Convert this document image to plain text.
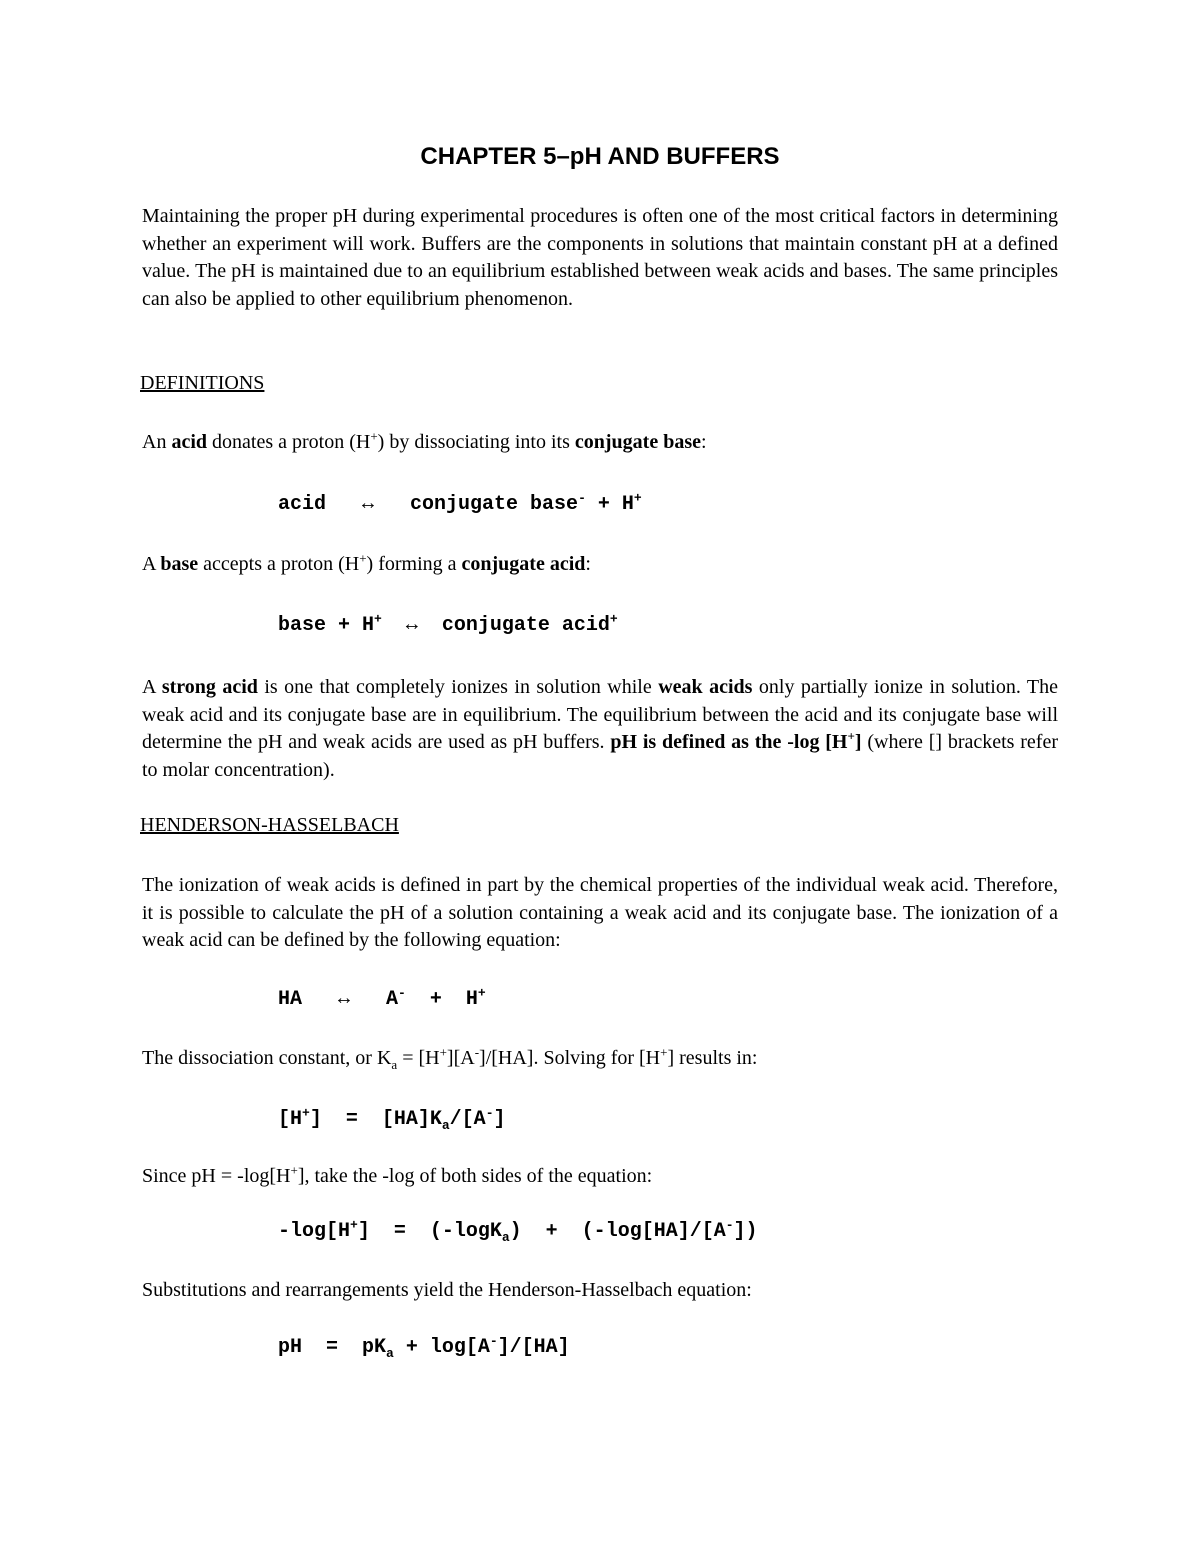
CHAPTER 5–pH AND BUFFERS
Maintaining the proper pH during experimental procedures is often one of the most critical factors in determining whether an experiment will work. Buffers are the components in solutions that maintain constant pH at a defined value. The pH is maintained due to an equilibrium established between weak acids and bases. The same principles can also be applied to other equilibrium phenomenon.
DEFINITIONS
An acid donates a proton (H+) by dissociating into its conjugate base:
acid   ↔   conjugate base- + H+
A base accepts a proton (H+) forming a conjugate acid:
base + H+  ↔  conjugate acid+
A strong acid is one that completely ionizes in solution while weak acids only partially ionize in solution. The weak acid and its conjugate base are in equilibrium. The equilibrium between the acid and its conjugate base will determine the pH and weak acids are used as pH buffers. pH is defined as the -log [H+] (where [] brackets refer to molar concentration).
HENDERSON-HASSELBACH
The ionization of weak acids is defined in part by the chemical properties of the individual weak acid. Therefore, it is possible to calculate the pH of a solution containing a weak acid and its conjugate base. The ionization of a weak acid can be defined by the following equation:
HA   ↔   A-  +  H+
The dissociation constant, or $K_a = [H^+][A^-]/[HA]$. Solving for [H+] results in:
$[H^+] = [HA]K_a/[A^-]$
Since pH = -log[H+], take the -log of both sides of the equation:
-log[H+]  =  (-logK$_a$)  +  (-log[HA]/[A-])
Substitutions and rearrangements yield the Henderson-Hasselbach equation:
pH  =  $pK_a + \log[A^-]/[HA]$
